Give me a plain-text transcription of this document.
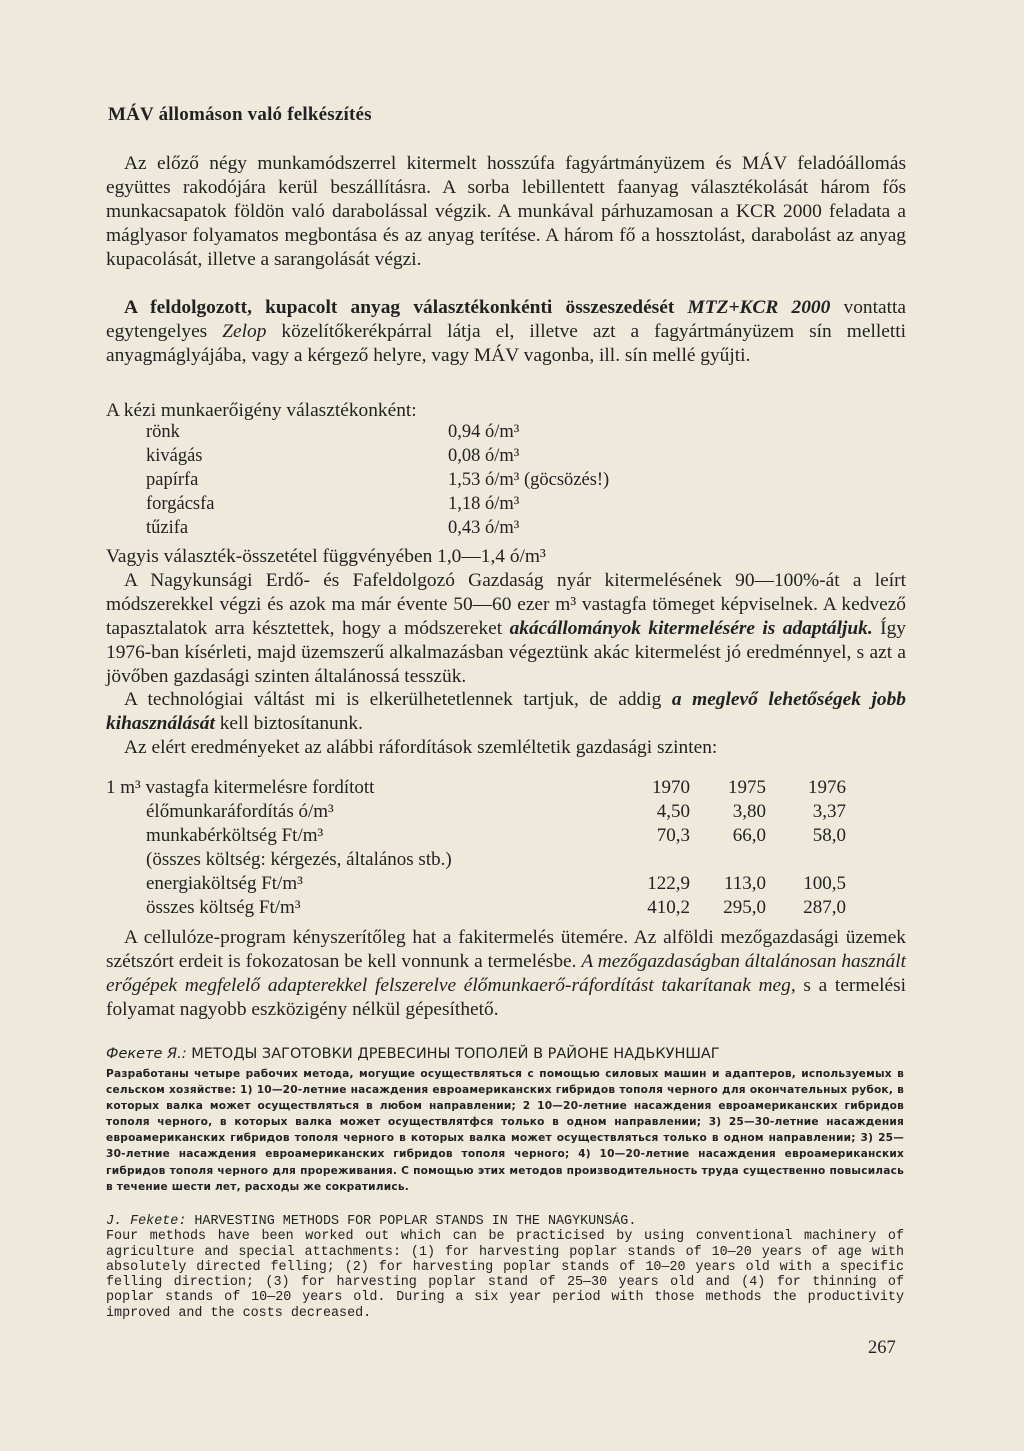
MÁV állomáson való felkészítés

Az előző négy munkamódszerrel kitermelt hosszúfa fagyártmányüzem és MÁV feladóállomás együttes rakodójára kerül beszállításra. A sorba lebillentett faanyag választékolását három fős munkacsapatok földön való darabolással végzik. A munkával párhuzamosan a KCR 2000 feladata a máglyasor folyamatos megbontása és az anyag terítése. A három fő a hossztolást, darabolást az anyag kupacolását, illetve a sarangolását végzi.

A feldolgozott, kupacolt anyag választékonkénti összeszedését MTZ+KCR 2000 vontatta egytengelyes Zelop közelítőkerékpárral látja el, illetve azt a fagyártmányüzem sín melletti anyagmáglyájába, vagy a kérgező helyre, vagy MÁV vagonba, ill. sín mellé gyűjti.

A kézi munkaerőigény választékonként:
rönk	0,94 ó/m³
kivágás	0,08 ó/m³
papírfa	1,53 ó/m³ (göcsözés!)
forgácsfa	1,18 ó/m³
tűzifa	0,43 ó/m³

Vagyis választék-összetétel függvényében 1,0—1,4 ó/m³

A Nagykunsági Erdő- és Fafeldolgozó Gazdaság nyár kitermelésének 90—100%-át a leírt módszerekkel végzi és azok ma már évente 50—60 ezer m³ vastagfa tömeget képviselnek. A kedvező tapasztalatok arra késztettek, hogy a módszereket akácállományok kitermelésére is adaptáljuk. Így 1976-ban kísérleti, majd üzemszerű alkalmazásban végeztünk akác kitermelést jó eredménnyel, s azt a jövőben gazdasági szinten általánossá tesszük.

A technológiai váltást mi is elkerülhetetlennek tartjuk, de addig a meglevő lehetőségek jobb kihasználását kell biztosítanunk.

Az elért eredményeket az alábbi ráfordítások szemléltetik gazdasági szinten:

1 m³ vastagfa kitermelésre fordított	1970 1975 1976
élőmunkaráfordítás ó/m³	4,50 3,80 3,37
munkabérköltség Ft/m³	70,3 66,0 58,0
(összes költség: kérgezés, általános stb.)
energiaköltség Ft/m³	122,9 113,0 100,5
összes költség Ft/m³	410,2 295,0 287,0

A cellulóze-program kényszerítőleg hat a fakitermelés ütemére. Az alföldi mezőgazdasági üzemek szétszórt erdeit is fokozatosan be kell vonnunk a termelésbe. A mezőgazdaságban általánosan használt erőgépek megfelelő adapterekkel felszerelve élőmunkaerő-ráfordítást takarítanak meg, s a termelési folyamat nagyobb eszközigény nélkül gépesíthető.

Фекете Я.: МЕТОДЫ ЗАГОТОВКИ ДРЕВЕСИНЫ ТОПОЛЕЙ В РАЙОНЕ НАДЬКУНШАГ
Разработаны четыре рабочих метода, могущие осуществляться с помощью силовых машин и адаптеров, используемых в сельском хозяйстве: 1) 10—20-летние насаждения евроамериканских гибридов тополя черного для окончательных рубок, в которых валка может осуществляться в любом направлении; 2 10—20-летние насаждения евроамериканских гибридов тополя черного, в которых валка может осуществлятфся только в одном направлении; 3) 25—30-летние насаждения евроамериканских гибридов тополя черного в которых валка может осуществляться только в одном направлении; 3) 25—30-летние насаждения евроамериканских гибридов тополя черного; 4) 10—20-летние насаждения евроамериканских гибридов тополя черного для прореживания. С помощью этих методов производительность труда существенно повысилась в течение шести лет, расходы же сократились.
J. Fekete: HARVESTING METHODS FOR POPLAR STANDS IN THE NAGYKUNSÁG.
Four methods have been worked out which can be practicised by using conventional machinery of agriculture and special attachments: (1) for harvesting poplar stands of 10—20 years of age with absolutely directed felling; (2) for harvesting poplar stands of 10—20 years old with a specific felling direction; (3) for harvesting poplar stand of 25—30 years old and (4) for thinning of poplar stands of 10—20 years old. During a six year period with those methods the productivity improved and the costs decreased.
267
